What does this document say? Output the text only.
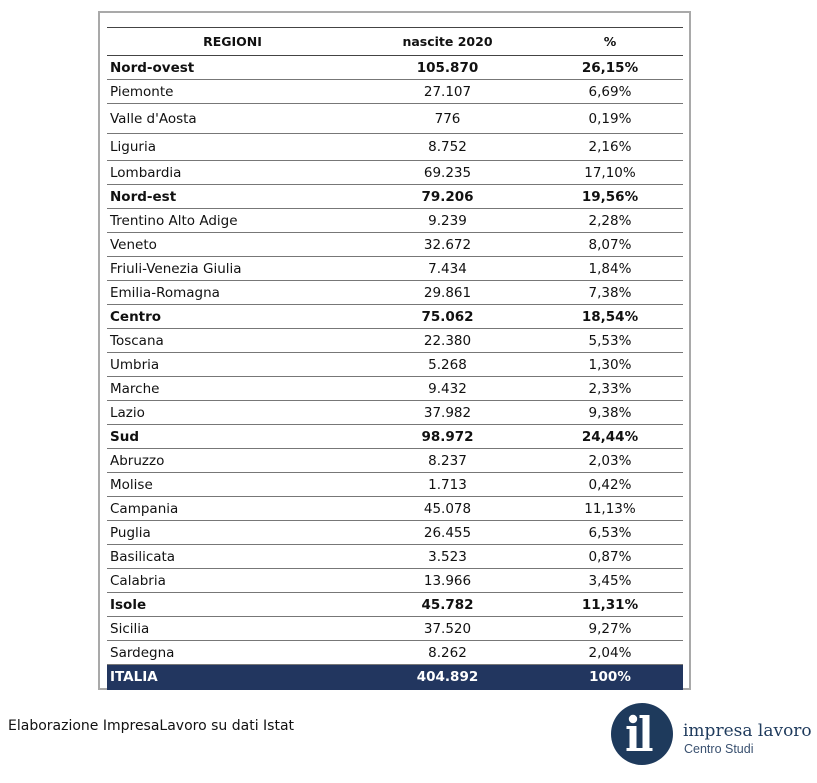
REGIONI	nascite 2020	%
Nord-ovest	105.870	26,15%
Piemonte	27.107	6,69%
Valle d'Aosta	776	0,19%
Liguria	8.752	2,16%
Lombardia	69.235	17,10%
Nord-est	79.206	19,56%
Trentino Alto Adige	9.239	2,28%
Veneto	32.672	8,07%
Friuli-Venezia Giulia	7.434	1,84%
Emilia-Romagna	29.861	7,38%
Centro	75.062	18,54%
Toscana	22.380	5,53%
Umbria	5.268	1,30%
Marche	9.432	2,33%
Lazio	37.982	9,38%
Sud	98.972	24,44%
Abruzzo	8.237	2,03%
Molise	1.713	0,42%
Campania	45.078	11,13%
Puglia	26.455	6,53%
Basilicata	3.523	0,87%
Calabria	13.966	3,45%
Isole	45.782	11,31%
Sicilia	37.520	9,27%
Sardegna	8.262	2,04%
ITALIA	404.892	100%
Elaborazione ImpresaLavoro su dati Istat	impresa lavoro
Centro Studi
